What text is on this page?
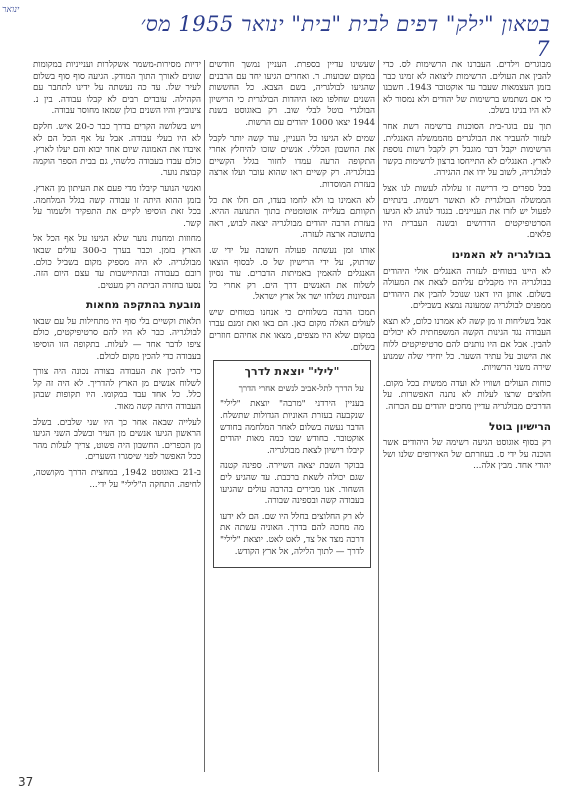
ינואר
בטאון "ילק" דפים לבית "בית" ינואר 1955 מס׳ 7

מבוגרים וילדים. העברנו את הרשימות לס. כדי להבין את העולים. הרשימות ליצואה לא זמינו כבר בזמן העצמאות שעבר עד אוקטובר 1943. חשבנו כי אם נשתמש ברשימות של יהודים ולא נמסור לא לא היו בנינו בשלב.

תוך עם בוגר-בית הסוכנות ברשימה רשת אחר לעזור להעביר את הבולגרים מהממשלה האנגלית. הרשימות יקבל דבר מוגבל רק לקבל רשות נוספת לארץ. האנגלים לא התייחסו ברצון לרשימות בקשר לבולגריה, לשוב על ידו את ההגירה.

בכל ספרים כי דרישה זו עלולה לעשות לנו אצל הממשלה הבולגרית לא תאשר רשמית. בינתיים לפעול יש לזרז את העניינים. בנגוד לנוהג לא הגיעו הסרטיפיקטים הדרושים ובשנה העברית היו פלאים.

בבולגריה לא האמינו

לא היינו בטוחים לעזרה האנגלים אולי היהודים בבולגריה היו מקבלים עליהם לצאת את המעולה בשלום. אותן היו דאגו שנוכל להבין את היהודים ממפנים לבולגריה שמעונה נמצא בשבילים.

אבל בשליחות זו מן קשה לא אמרנו כלום, לא תצא העבודה נגד הגינות הקשה המשפחתית לא יכולים להבין. אבל אם היו נותנים להם סרטיפיקטים ללוח את הישוב על עתיד השער. כל יחידי שלה שמנוע שירה משני הרשויות.

כוחות העולים ושוויו לא ועדה ממשית בכל מקום. חלוצים שרצו לעלות לא נתנה האפשרות. על הדרכים מבולגריה עדיין מחכים יהודים עם הכרזה.

הרישיון בוטל

רק בסוף אוגוסט הגיעה רשימה של היהודים אשר הוכנה על ידי ס. בעוזרתם של האירופים שלנו ושל יהודי אחד. מבין אלה...

שעשינו עדיין בספרת. העניין נמשך חודשים במקום שבועות. ר. ואחרים הגיעו יחד עם הרבנים שהגיעו לבולגריה, בשם הצבא. כל החששות השנים שחלפו מאז היהדות הבולגרית כי הרישיון הבולגרי בוטל לבלי שוב. רק באוגוסט בשנת 1944 יצאו 1000 יהודים עם הרשות.

שמים לא הגיעו כל העניין, עוד קשה יותר לקבל את החשבון הכללי. אנשים שזכו להיחלץ אחרי התקופה הרעה עמדו לחזור בגלל הקשיים בבולגריה. רק קשיים ראו שהוא עובר ועלו ארצה בעזרת המוסדות.

לא האמינו בו ולא לחמו בעדו, הם חלו את כל תקוותם בעלייה אוטומטית בתוך התנועה ההיא. בעזרת הרבה יהודים מבולגריה יצאה לבוש, ראה בתשובה ארצה לעזרה.

אותו זמן נעשתה פעולה חשובה על ידי ש. שרתוק, על ידי הרישיון של ס. לבסוף הוצאו האנגלים להאמין באמיתות הדברים. עוד נסיון לשלוח את האנשים דרך הים. רק אחרי כל הנסיונות נשלחו ישר אל ארץ ישראל.

תמכו הרבה בשלוחים כי אנחנו בטוחים שיש לעולים האלה מקום כאן. הם באו ואת זמנם עברו במקום שלא היו מצפים, מצאו את אחיהם חוזרים בשלום.

"לילי" יוצאת לדרך
על הדרך לתל-אביב לנשים אחרי הדרך

בעניין הירדני "מרבה" יוצאת "לילי" שנקבעה בעזרת האוניות הגדולות שתשלח. הדבר נעשה בשלום לאחר המלחמה בחודש אוקטובר. בחודש שבו כמה מאות יהודים קיבלו רישיון לצאת מבולגריה.

בבוקר השבת יצאה השיירה. ספינה קטנה שגם יכולה לשאת ברכבת. עד שהגיע לים השחור. אנו מכירים בהרבה עולים שהגיעו בעבודה קשה ובספינה שבורה.

לא רק החלוצים בחלל היו שם. הם לא ידעו מה מחכה להם בדרך. האוניה עשתה את דרכה מצד אל צד, לאט לאט. יוצאת "לילי" לדרך — לתוך הלילה, אל ארץ הקודש.

ידיות מסירות-משמר אשקלרות וענייניות במקומות שונים לאורך התוך המודק. הגיעה סוף סוף בשלום לעיר שלו. עד כה נעשתה על ידינו לתחבר עם הקהילה. עובדים רבים לא קבלו עבודה. בין נ. צינוביץ והיו השנים כולן שמאז מחוסר עבודה.

ויש בשלושה הקרים בדרך כבר כ-20 איש. חלקם לא היו בעלי עבודה. אבל על אף הכל הם לא איבדו את האמונה שיום אחד יבוא והם יעלו לארץ. כולם עבדו בעבודה כלשהי, גם בבית הספר הוקמה קבוצת נוער.

ואנשי הנוער קיבלו מדי פעם את העיתון מן הארץ. בזמן ההוא היתה זו עבודה קשה בגלל המלחמה. בכל זאת הוסיפו לקיים את התפקיד ולשמור על קשר.

מחוזות ומחנות נוער שלא הגיעו על אף הכל אל הארץ בזמן. וכבר בערך כ-300 עולים שבאו מבולגריה. לא היה מספיק מקום בשביל כולם. רובם בעבודה ובהתיישבות עד עצם היום הזה. נסעו בחזרה הביתה רק מעטים.

מובעת בהתקפה מחאות

תלאות וקשיים בלי סוף היו מתחילות על עם שבאו לבולגריה. כבר לא היו להם סרטיפיקטים, כולם ציפו לדבר אחד — לעלות. בתקופה הזו הוסיפו בעבודה כדי להכין מקום לכולם.

כדי להכין את העבודה בצורה נכונה היה צורך לשלוח אנשים מן הארץ להדריך. לא היה זה קל כלל. כל אחד עבד במקומו. היו תקופות שבהן העבודה היתה קשה מאוד.

לעלייה שבאה אחר כך היו שני שלבים. בשלב הראשון הגיעו אנשים מן העיר ובשלב השני הגיעו מן הכפרים. החשבון היה פשוט, צריך לעלות מהר ככל האפשר לפני שיסגרו השערים.

ב-21 באוגוסט 1942, במחצית הדרך מקושטה, לחיפה. התחקה ה"לילי" על ידי...

37
